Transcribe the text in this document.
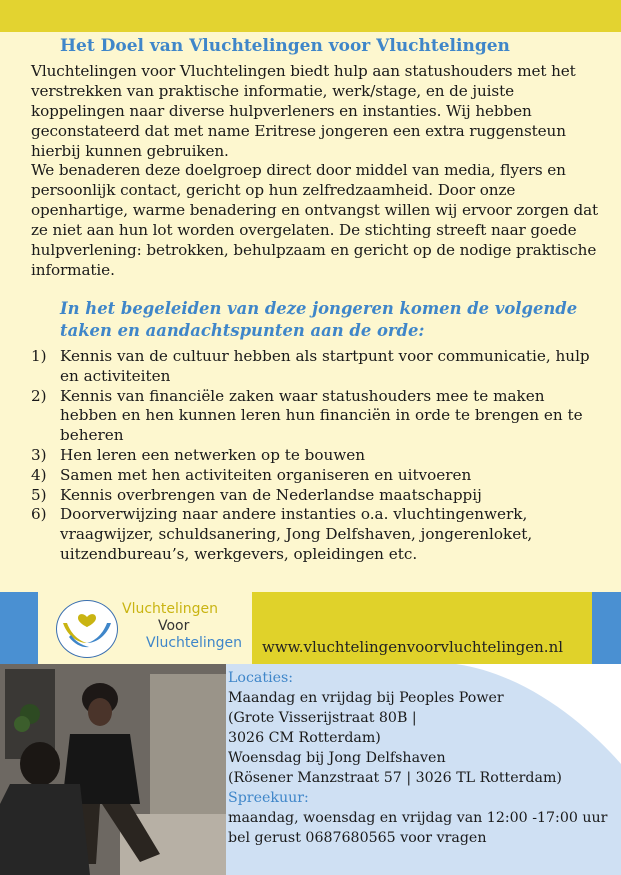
Het Doel van Vluchtelingen voor Vluchtelingen

Vluchtelingen voor Vluchtelingen biedt hulp aan statushouders met het verstrekken van praktische informatie, werk/stage, en de juiste koppelingen naar diverse hulpverleners en instanties. Wij hebben geconstateerd dat met name Eritrese jongeren een extra ruggensteun hierbij kunnen gebruiken.

We benaderen deze doelgroep direct door middel van media, flyers en persoonlijk contact, gericht op hun zelfredzaamheid. Door onze openhartige, warme benadering en ontvangst willen wij ervoor zorgen dat ze niet aan hun lot worden overgelaten. De stichting streeft naar goede hulpverlening: betrokken, behulpzaam en gericht op de nodige praktische informatie.

In het begeleiden van deze jongeren komen de volgende taken en aandachtspunten aan de orde:

1) Kennis van de cultuur hebben als startpunt voor communicatie, hulp en activiteiten
2) Kennis van financiële zaken waar statushouders mee te maken hebben en hen kunnen leren hun financiën in orde te brengen en te beheren
3) Hen leren een netwerken op te bouwen
4) Samen met hen activiteiten organiseren en uitvoeren
5) Kennis overbrengen van de Nederlandse maatschappij
6) Doorverwijzing naar andere instanties o.a. vluchtingenwerk, vraagwijzer, schuldsanering, Jong Delfshaven, jongerenloket, uitzendbureau’s, werkgevers, opleidingen etc.
Vluchtelingen
Voor
Vluchtelingen www.vluchtelingenvoorvluchtelingen.nl
Locaties:
Maandag en vrijdag bij Peoples Power
(Grote Visserijstraat 80B |
3026 CM Rotterdam)
Woensdag bij Jong Delfshaven
(Rösener Manzstraat 57 | 3026 TL Rotterdam)
Spreekuur:
maandag, woensdag en vrijdag van 12:00 -17:00 uur
bel gerust 0687680565 voor vragen
